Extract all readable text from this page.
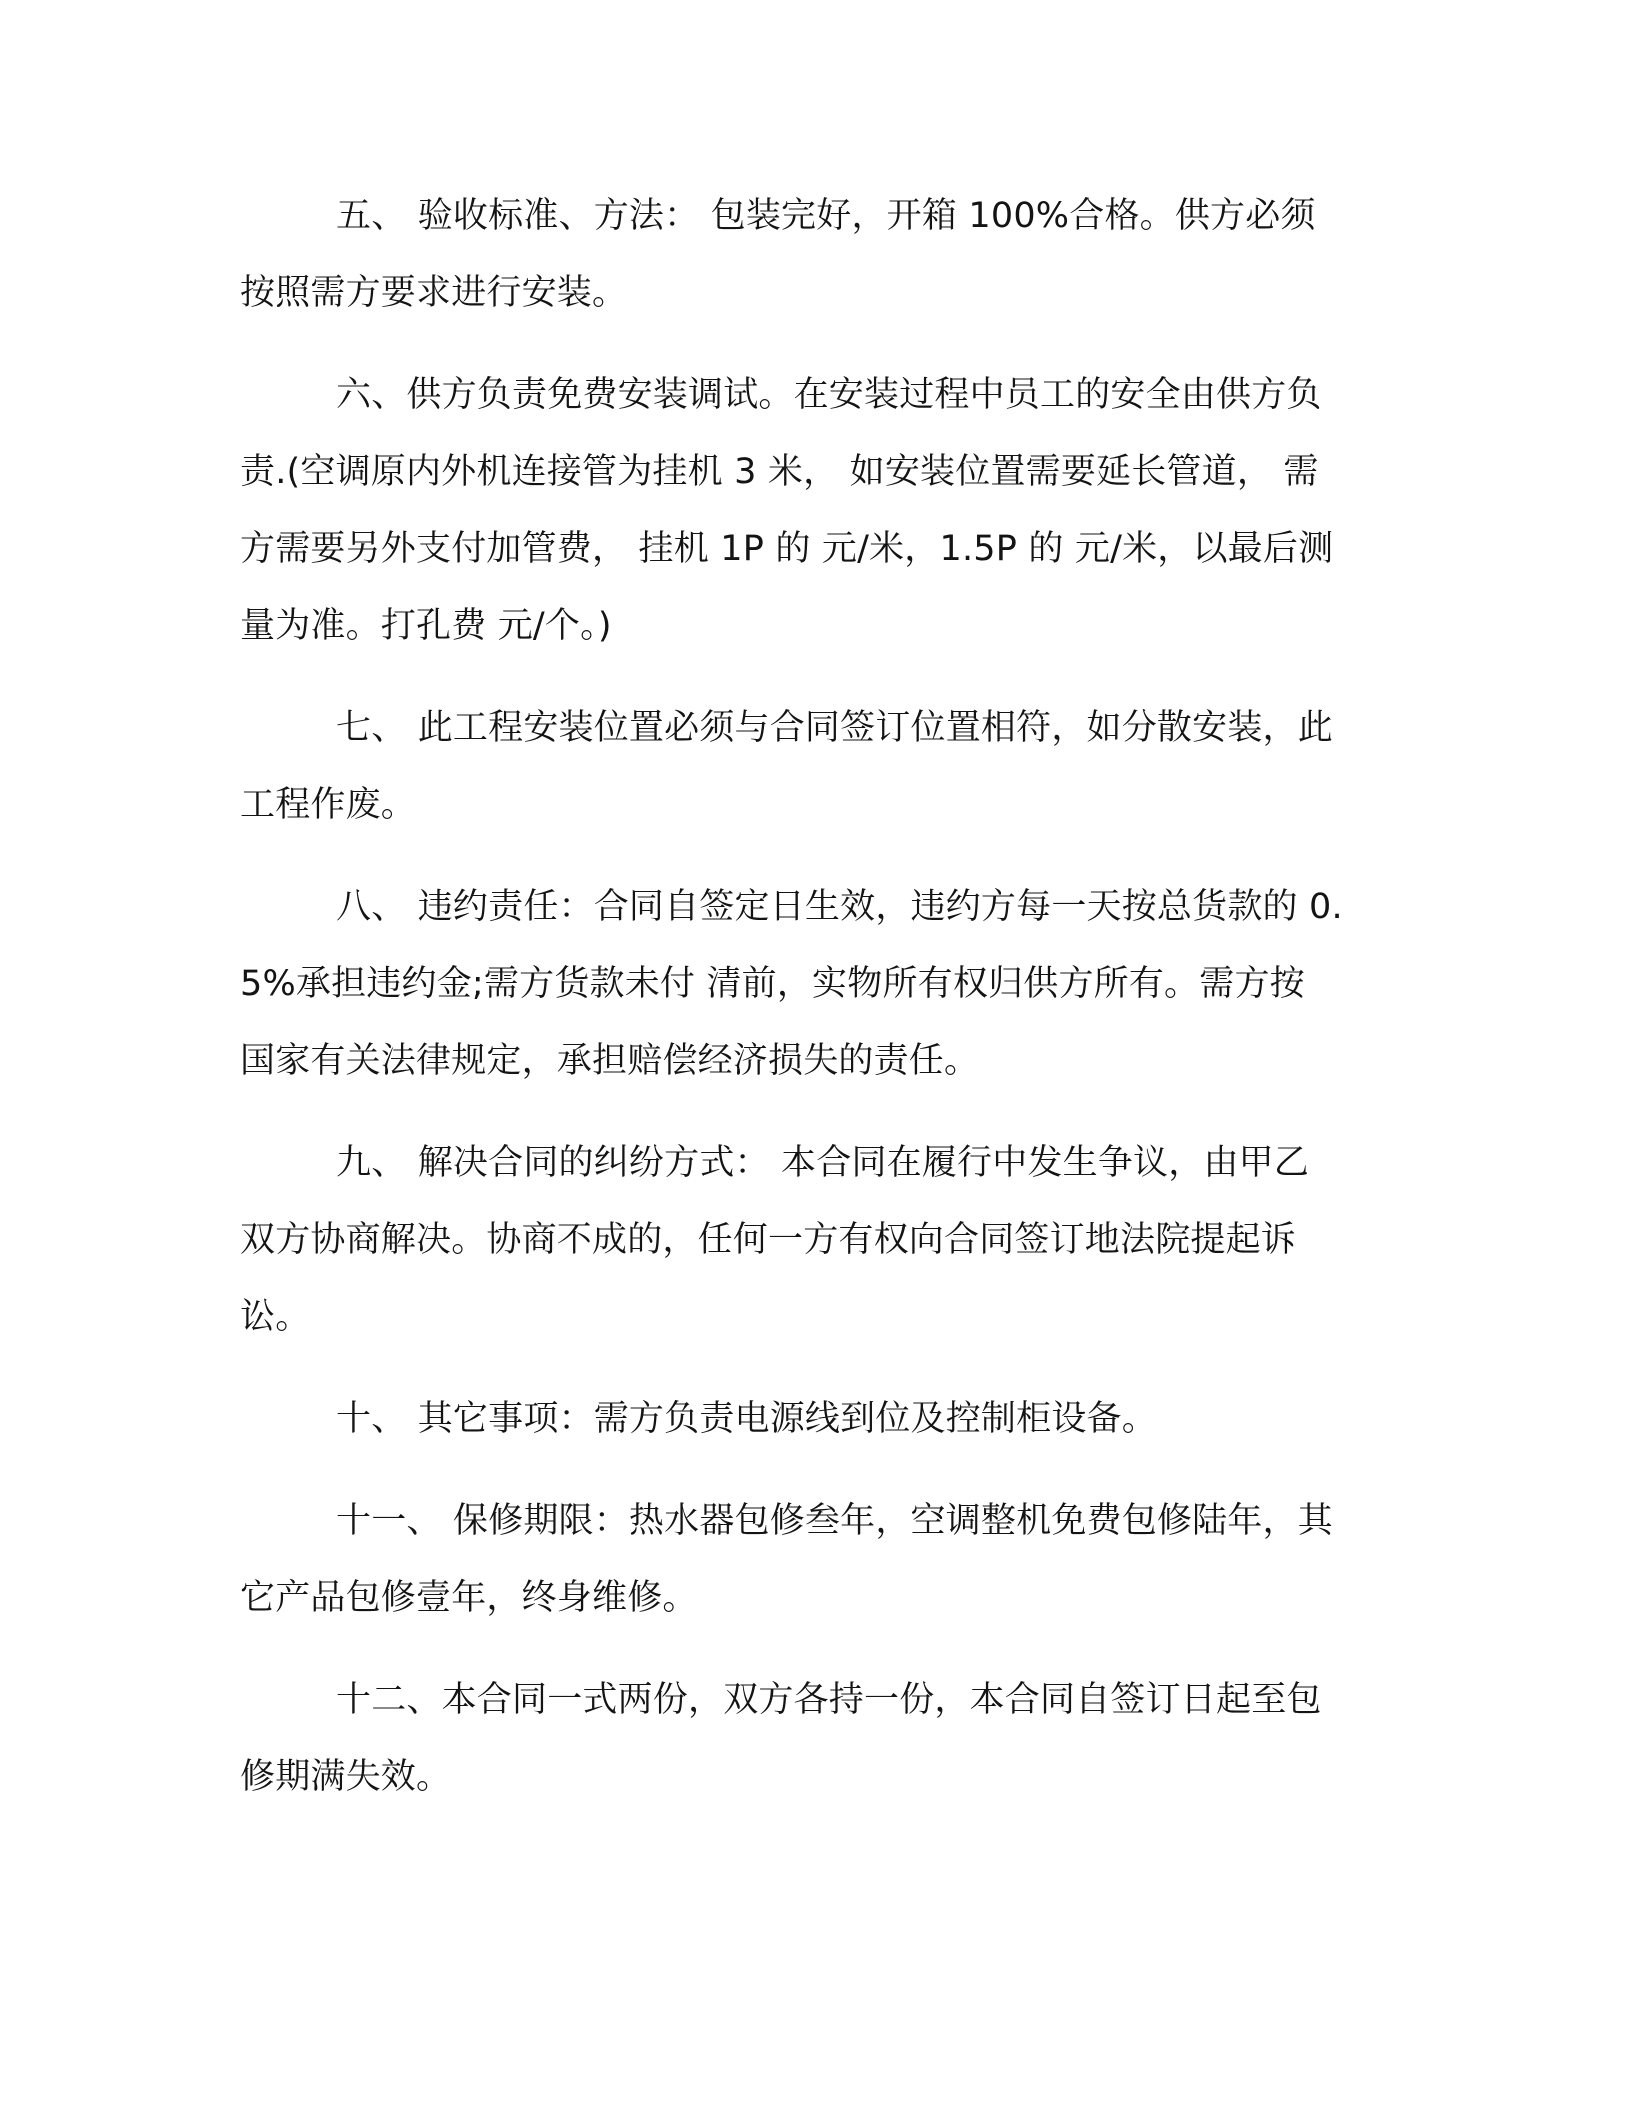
五、 验收标准、方法： 包装完好，开箱 100%合格。供方必须
按照需方要求进行安装。

六、供方负责免费安装调试。在安装过程中员工的安全由供方负
责.(空调原内外机连接管为挂机 3 米， 如安装位置需要延长管道， 需
方需要另外支付加管费， 挂机 1P 的 元/米，1.5P 的 元/米，以最后测
量为准。打孔费 元/个。)

七、 此工程安装位置必须与合同签订位置相符，如分散安装，此
工程作废。

八、 违约责任：合同自签定日生效，违约方每一天按总货款的 0.
5%承担违约金;需方货款未付 清前，实物所有权归供方所有。需方按
国家有关法律规定，承担赔偿经济损失的责任。

九、 解决合同的纠纷方式： 本合同在履行中发生争议，由甲乙
双方协商解决。协商不成的，任何一方有权向合同签订地法院提起诉
讼。

十、 其它事项：需方负责电源线到位及控制柜设备。

十一、 保修期限：热水器包修叁年，空调整机免费包修陆年，其
它产品包修壹年，终身维修。

十二、本合同一式两份，双方各持一份，本合同自签订日起至包
修期满失效。
